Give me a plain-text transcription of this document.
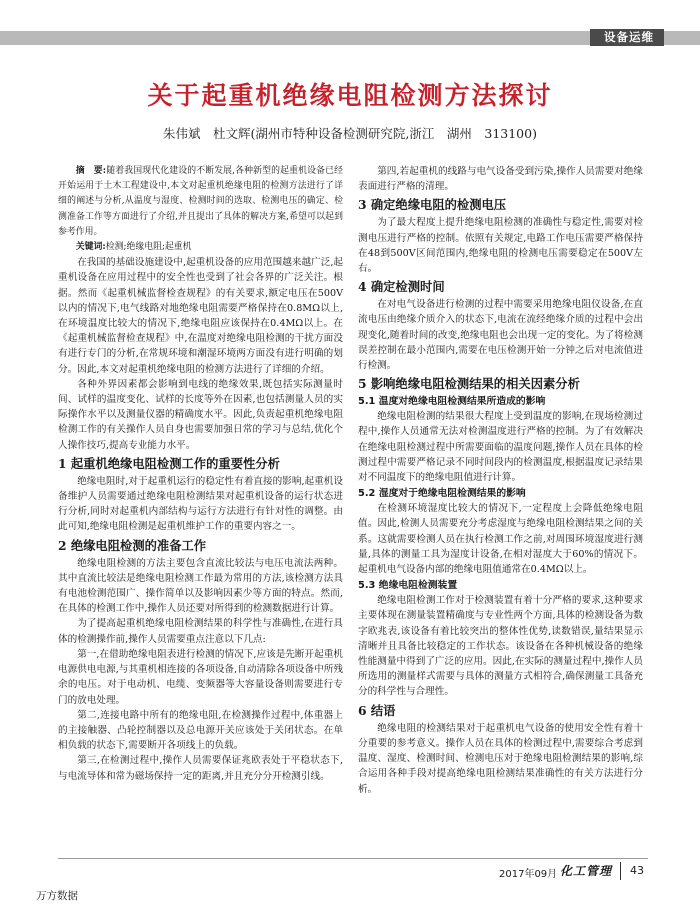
设备运维
关于起重机绝缘电阻检测方法探讨
朱伟斌　杜文辉(湖州市特种设备检测研究院,浙江　湖州　313100)

摘　要:随着我国现代化建设的不断发展,各种新型的起重机设备已经开始运用于土木工程建设中,本文对起重机绝缘电阻的检测方法进行了详细的阐述与分析,从温度与湿度、检测时间的选取、检测电压的确定、检测准备工作等方面进行了介绍,并且提出了具体的解决方案,希望可以起到参考作用。

关键词:检测;绝缘电阻;起重机

在我国的基础设施建设中,起重机设备的应用范围越来越广泛,起重机设备在应用过程中的安全性也受到了社会各界的广泛关注。根据。然而《起重机械监督检查规程》的有关要求,额定电压在500V以内的情况下,电气线路对地绝缘电阻需要严格保持在0.8MΩ以上,在环境温度比较大的情况下,绝缘电阻应该保持在0.4MΩ以上。在《起重机械监督检查规程》中,在温度对绝缘电阻检测的干扰方面没有进行专门的分析,在常规环境和潮湿环境两方面没有进行明确的划分。因此,本文对起重机绝缘电阻的检测方法进行了详细的介绍。

各种外界因素都会影响到电线的绝缘效果,既包括实际测量时间、试样的温度变化、试样的长度等外在因素,也包括测量人员的实际操作水平以及测量仪器的精确度水平。因此,负责起重机绝缘电阻检测工作的有关操作人员自身也需要加强日常的学习与总结,优化个人操作技巧,提高专业能力水平。

1 起重机绝缘电阻检测工作的重要性分析

绝缘电阻时,对于起重机运行的稳定性有着直接的影响,起重机设备维护人员需要通过绝缘电阻检测结果对起重机设备的运行状态进行分析,同时对起重机内部结构与运行方法进行有针对性的调整。由此可知,绝缘电阻检测是起重机维护工作的重要内容之一。

2 绝缘电阻检测的准备工作

绝缘电阻检测的方法主要包含直流比较法与电压电流法两种。其中直流比较法是绝缘电阻检测工作最为常用的方法,该检测方法具有电池检测范围广、操作简单以及影响因素少等方面的特点。然而,在具体的检测工作中,操作人员还要对所得到的检测数据进行计算。

为了提高起重机绝缘电阻检测结果的科学性与准确性,在进行具体的检测操作前,操作人员需要重点注意以下几点:

第一,在借助绝缘电阻表进行检测的情况下,应该是先断开起重机电源供电电源,与其重机相连接的各项设备,自动清除各项设备中所残余的电压。对于电动机、电缆、变频器等大容量设备则需要进行专门的放电处理。

第二,连接电路中所有的绝缘电阻,在检测操作过程中,体重器上的主接触器、凸轮控制器以及总电源开关应该处于关闭状态。在单相负载的状态下,需要断开各项线上的负载。

第三,在检测过程中,操作人员需要保证兆欧表处于平稳状态下,与电流导体和常为磁场保持一定的距离,并且充分分开检测引线。

第四,若起重机的线路与电气设备受到污染,操作人员需要对绝缘表面进行严格的清理。

3 确定绝缘电阻的检测电压

为了最大程度上提升绝缘电阻检测的准确性与稳定性,需要对检测电压进行严格的控制。依照有关规定,电路工作电压需要严格保持在48到500V区间范围内,绝缘电阻的检测电压需要稳定在500V左右。

4 确定检测时间

在对电气设备进行检测的过程中需要采用绝缘电阻仪设备,在直流电压由绝缘介质介入的状态下,电流在流经绝缘介质的过程中会出现变化,随着时间的改变,绝缘电阻也会出现一定的变化。为了将检测误差控制在最小范围内,需要在电压检测开始一分钟之后对电流值进行检测。

5 影响绝缘电阻检测结果的相关因素分析
5.1 温度对绝缘电阻检测结果所造成的影响

绝缘电阻检测的结果很大程度上受到温度的影响,在现场检测过程中,操作人员通常无法对检测温度进行严格的控制。为了有效解决在绝缘电阻检测过程中所需要面临的温度问题,操作人员在具体的检测过程中需要严格记录不同时间段内的检测温度,根据温度记录结果对不同温度下的绝缘电阻值进行计算。

5.2 湿度对于绝缘电阻检测结果的影响

在检测环境湿度比较大的情况下,一定程度上会降低绝缘电阻值。因此,检测人员需要充分考虑湿度与绝缘电阻检测结果之间的关系。这就需要检测人员在执行检测工作之前,对周围环境湿度进行测量,具体的测量工具为湿度计设备,在相对湿度大于60%的情况下。起重机电气设备内部的绝缘电阻值通常在0.4MΩ以上。

5.3 绝缘电阻检测装置

绝缘电阻检测工作对于检测装置有着十分严格的要求,这种要求主要体现在测量装置精确度与专业性两个方面,具体的检测设备为数字欧兆表,该设备有着比较突出的整体性优势,读数错误,量结果显示清晰并且具备比较稳定的工作状态。该设备在各种机械设备的绝缘性能测量中得到了广泛的应用。因此,在实际的测量过程中,操作人员所选用的测量样式需要与具体的测量方式相符合,确保测量工具备充分的科学性与合理性。

6 结语

绝缘电阻的检测结果对于起重机电气设备的使用安全性有着十分重要的参考意义。操作人员在具体的检测过程中,需要综合考虑到温度、湿度、检测时间、检测电压对于绝缘电阻检测结果的影响,综合运用各种手段对提高绝缘电阻检测结果准确性的有关方法进行分析。

2017年09月 化工管理 43
万方数据
